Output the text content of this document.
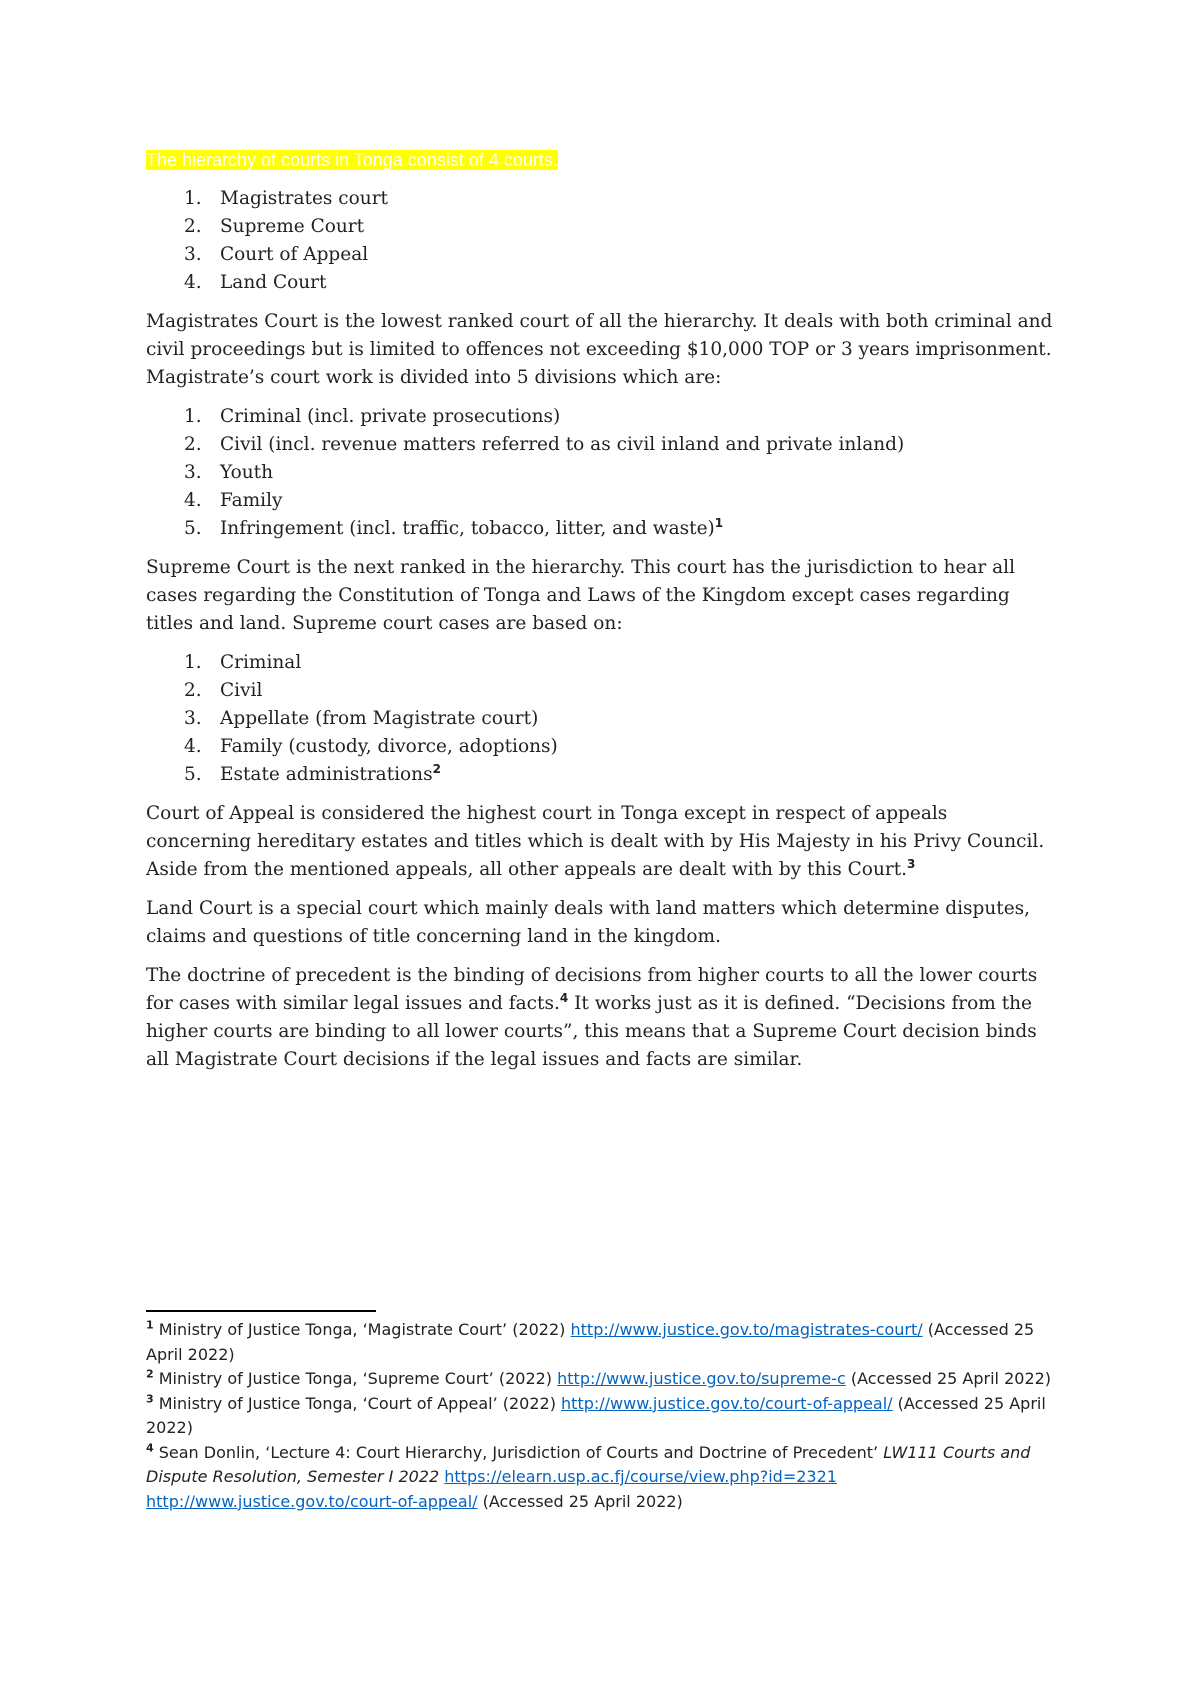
The hierarchy of courts in Tonga consist of 4 courts.

1. Magistrates court
2. Supreme Court
3. Court of Appeal
4. Land Court

Magistrates Court is the lowest ranked court of all the hierarchy. It deals with both criminal and civil proceedings but is limited to offences not exceeding $10,000 TOP or 3 years imprisonment. Magistrate’s court work is divided into 5 divisions which are:

1. Criminal (incl. private prosecutions)
2. Civil (incl. revenue matters referred to as civil inland and private inland)
3. Youth
4. Family
5. Infringement (incl. traffic, tobacco, litter, and waste)$^1$

Supreme Court is the next ranked in the hierarchy. This court has the jurisdiction to hear all cases regarding the Constitution of Tonga and Laws of the Kingdom except cases regarding titles and land. Supreme court cases are based on:

1. Criminal
2. Civil
3. Appellate (from Magistrate court)
4. Family (custody, divorce, adoptions)
5. Estate administrations$^2$

Court of Appeal is considered the highest court in Tonga except in respect of appeals concerning hereditary estates and titles which is dealt with by His Majesty in his Privy Council. Aside from the mentioned appeals, all other appeals are dealt with by this Court.$^3$

Land Court is a special court which mainly deals with land matters which determine disputes, claims and questions of title concerning land in the kingdom.

The doctrine of precedent is the binding of decisions from higher courts to all the lower courts for cases with similar legal issues and facts.$^4$ It works just as it is defined. “Decisions from the higher courts are binding to all lower courts”, this means that a Supreme Court decision binds all Magistrate Court decisions if the legal issues and facts are similar.

$^1$ Ministry of Justice Tonga, ‘Magistrate Court’ (2022) http://www.justice.gov.to/magistrates-court/ (Accessed 25 April 2022)

$^2$ Ministry of Justice Tonga, ‘Supreme Court’ (2022) http://www.justice.gov.to/supreme-c (Accessed 25 April 2022)

$^3$ Ministry of Justice Tonga, ‘Court of Appeal’ (2022) http://www.justice.gov.to/court-of-appeal/ (Accessed 25 April 2022)

$^4$ Sean Donlin, ‘Lecture 4: Court Hierarchy, Jurisdiction of Courts and Doctrine of Precedent’ LW111 Courts and Dispute Resolution, Semester I 2022 https://elearn.usp.ac.fj/course/view.php?id=2321
http://www.justice.gov.to/court-of-appeal/ (Accessed 25 April 2022)
